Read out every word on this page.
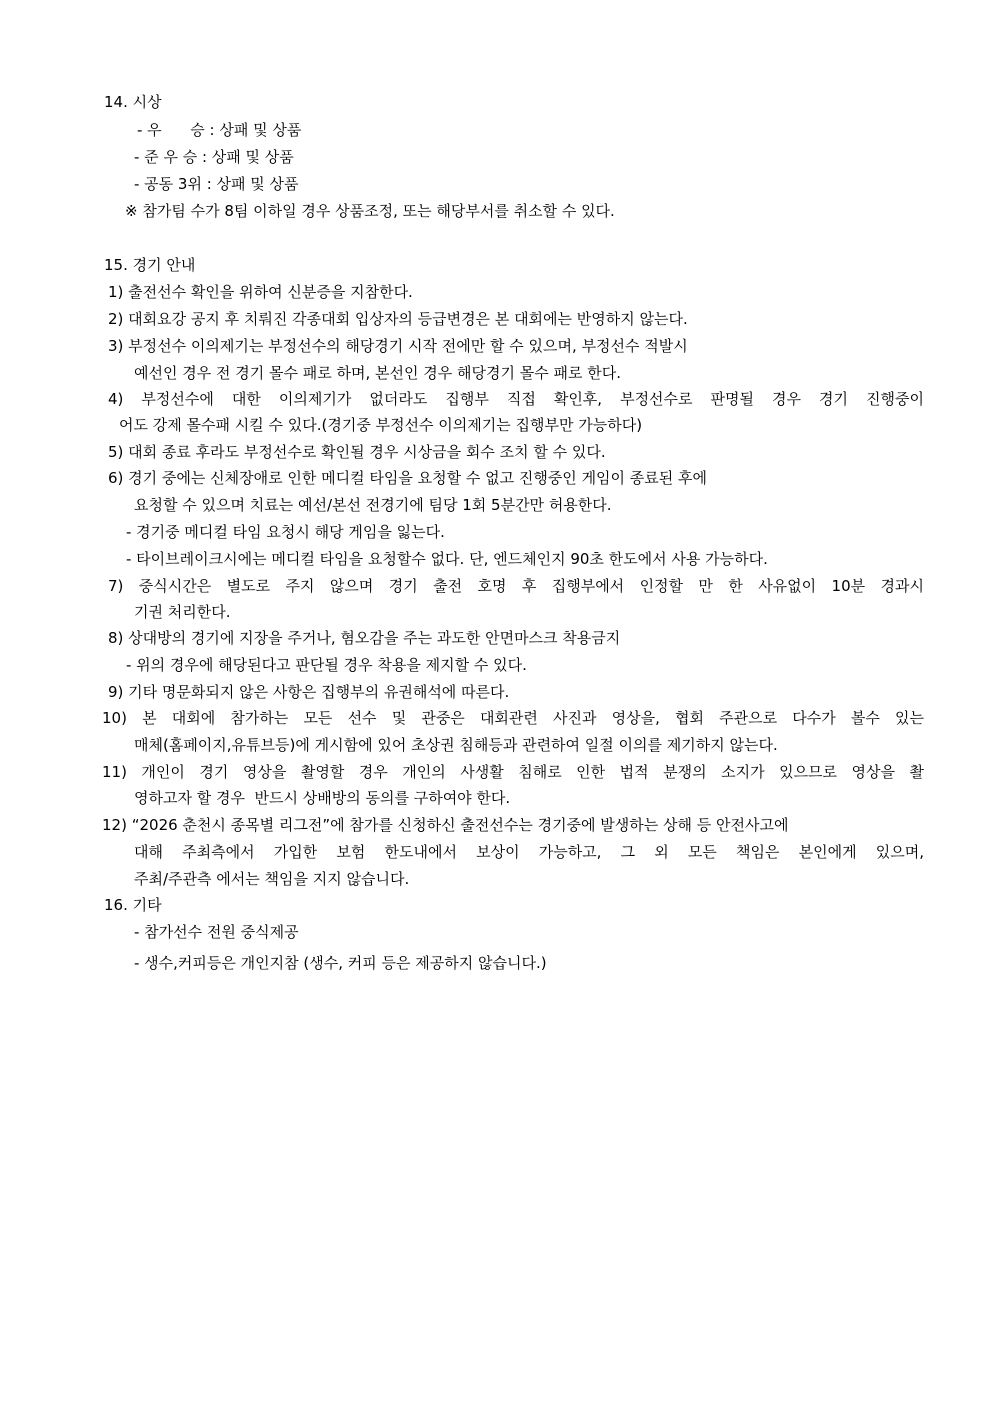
14. 시상
- 우      승 : 상패 및 상품
- 준 우 승 : 상패 및 상품
- 공동 3위 : 상패 및 상품
※ 참가팀 수가 8팀 이하일 경우 상품조정, 또는 해당부서를 취소할 수 있다.
15. 경기 안내
1) 출전선수 확인을 위하여 신분증을 지참한다.
2) 대회요강 공지 후 치뤄진 각종대회 입상자의 등급변경은 본 대회에는 반영하지 않는다.
3) 부정선수 이의제기는 부정선수의 해당경기 시작 전에만 할 수 있으며, 부정선수 적발시
예선인 경우 전 경기 몰수 패로 하며, 본선인 경우 해당경기 몰수 패로 한다.
4) 부정선수에 대한 이의제기가 없더라도 집행부 직접 확인후, 부정선수로 판명될 경우 경기 진행중이
어도 강제 몰수패 시킬 수 있다.(경기중 부정선수 이의제기는 집행부만 가능하다)
5) 대회 종료 후라도 부정선수로 확인될 경우 시상금을 회수 조치 할 수 있다.
6) 경기 중에는 신체장애로 인한 메디컬 타임을 요청할 수 없고 진행중인 게임이 종료된 후에
요청할 수 있으며 치료는 예선/본선 전경기에 팀당 1회 5분간만 허용한다.
- 경기중 메디컬 타임 요청시 해당 게임을 잃는다.
- 타이브레이크시에는 메디컬 타임을 요청할수 없다. 단, 엔드체인지 90초 한도에서 사용 가능하다.
7) 중식시간은 별도로 주지 않으며 경기 출전 호명 후 집행부에서 인정할 만 한 사유없이 10분 경과시
기권 처리한다.
8) 상대방의 경기에 지장을 주거나, 혐오감을 주는 과도한 안면마스크 착용금지
- 위의 경우에 해당된다고 판단될 경우 착용을 제지할 수 있다.
9) 기타 명문화되지 않은 사항은 집행부의 유권해석에 따른다.
10) 본 대회에 참가하는 모든 선수 및 관중은 대회관련 사진과 영상을, 협회 주관으로 다수가 볼수 있는
매체(홈페이지,유튜브등)에 게시함에 있어 초상권 침해등과 관련하여 일절 이의를 제기하지 않는다.
11) 개인이 경기 영상을 촬영할 경우 개인의 사생활 침해로 인한 법적 분쟁의 소지가 있으므로 영상을 촬
영하고자 할 경우  반드시 상배방의 동의를 구하여야 한다.
12) “2026 춘천시 종목별 리그전”에 참가를 신청하신 출전선수는 경기중에 발생하는 상해 등 안전사고에
대해 주최측에서 가입한 보험 한도내에서 보상이 가능하고, 그 외 모든 책임은 본인에게 있으며,
주최/주관측 에서는 책임을 지지 않습니다.
16. 기타
- 참가선수 전원 중식제공
- 생수,커피등은 개인지참 (생수, 커피 등은 제공하지 않습니다.)
